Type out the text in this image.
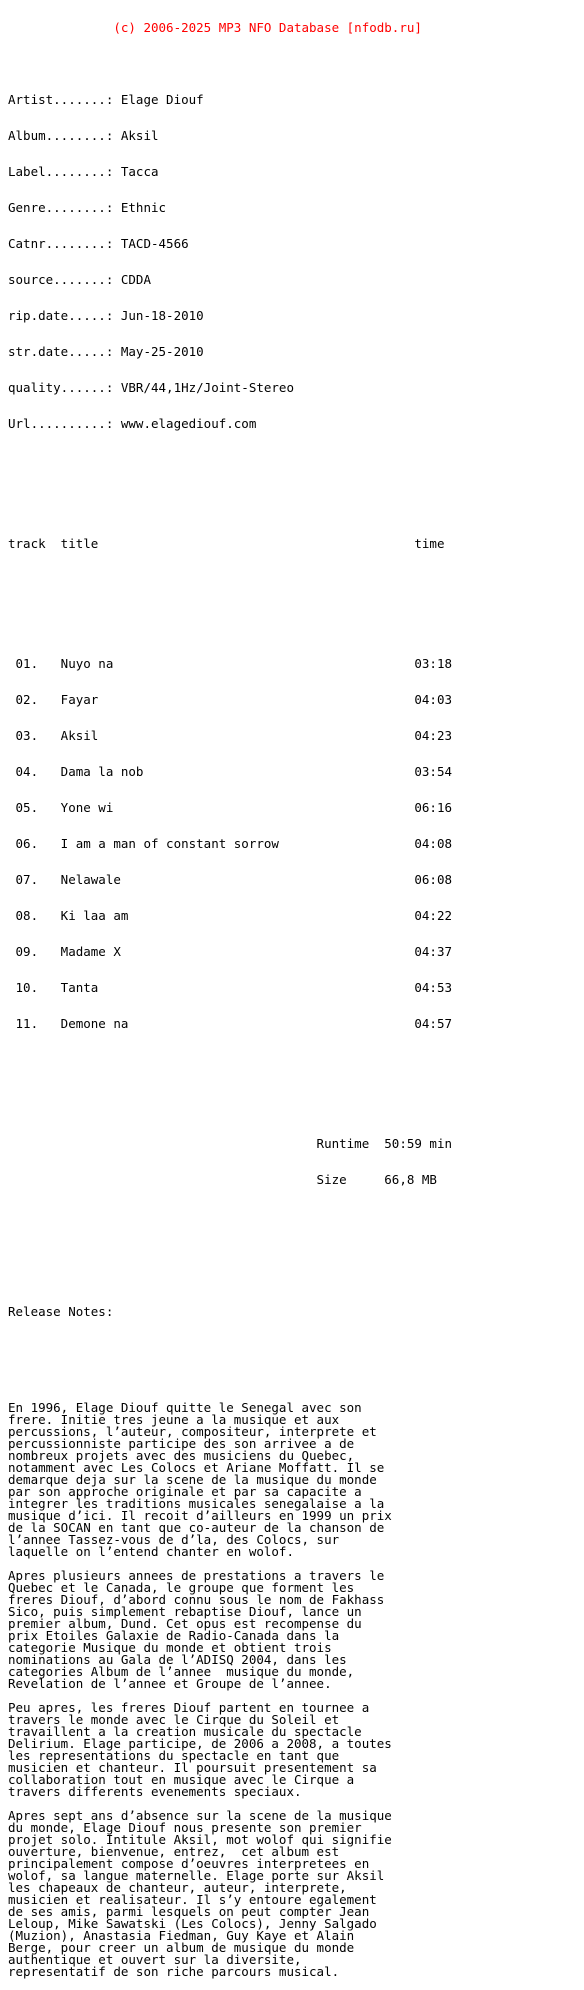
(c) 2006-2025 MP3 NFO Database [nfodb.ru]

Artist.......: Elage Diouf

Album........: Aksil

Label........: Tacca

Genre........: Ethnic

Catnr........: TACD-4566

source.......: CDDA

rip.date.....: Jun-18-2010

str.date.....: May-25-2010

quality......: VBR/44,1Hz/Joint-Stereo

Url..........: www.elagediouf.com

track  title                                          time

01.   Nuyo na                                        03:18

02.   Fayar                                          04:03

03.   Aksil                                          04:23

04.   Dama la nob                                    03:54

05.   Yone wi                                        06:16

06.   I am a man of constant sorrow                  04:08

07.   Nelawale                                       06:08

08.   Ki laa am                                      04:22

09.   Madame X                                       04:37

10.   Tanta                                          04:53

11.   Demone na                                      04:57

Runtime  50:59 min

Size     66,8 MB

Release Notes:

En 1996, Elage Diouf quitte le Senegal avec son
frere. Initie tres jeune a la musique et aux
percussions, l’auteur, compositeur, interprete et
percussionniste participe des son arrivee a de
nombreux projets avec des musiciens du Quebec,
notamment avec Les Colocs et Ariane Moffatt. Il se
demarque deja sur la scene de la musique du monde
par son approche originale et par sa capacite a
integrer les traditions musicales senegalaise a la
musique d’ici. Il recoit d’ailleurs en 1999 un prix
de la SOCAN en tant que co-auteur de la chanson de
l’annee Tassez-vous de d’la, des Colocs, sur
laquelle on l’entend chanter en wolof.

Apres plusieurs annees de prestations a travers le
Quebec et le Canada, le groupe que forment les
freres Diouf, d’abord connu sous le nom de Fakhass
Sico, puis simplement rebaptise Diouf, lance un
premier album, Dund. Cet opus est recompense du
prix Etoiles Galaxie de Radio-Canada dans la
categorie Musique du monde et obtient trois
nominations au Gala de l’ADISQ 2004, dans les
categories Album de l’annee  musique du monde,
Revelation de l’annee et Groupe de l’annee.

Peu apres, les freres Diouf partent en tournee a
travers le monde avec le Cirque du Soleil et
travaillent a la creation musicale du spectacle
Delirium. Elage participe, de 2006 a 2008, a toutes
les representations du spectacle en tant que
musicien et chanteur. Il poursuit presentement sa
collaboration tout en musique avec le Cirque a
travers differents evenements speciaux.

Apres sept ans d’absence sur la scene de la musique
du monde, Elage Diouf nous presente son premier
projet solo. Intitule Aksil, mot wolof qui signifie
ouverture, bienvenue, entrez,  cet album est
principalement compose d’oeuvres interpretees en
wolof, sa langue maternelle. Elage porte sur Aksil
les chapeaux de chanteur, auteur, interprete,
musicien et realisateur. Il s’y entoure egalement
de ses amis, parmi lesquels on peut compter Jean
Leloup, Mike Sawatski (Les Colocs), Jenny Salgado
(Muzion), Anastasia Fiedman, Guy Kaye et Alain
Berge, pour creer un album de musique du monde
authentique et ouvert sur la diversite,
representatif de son riche parcours musical.
